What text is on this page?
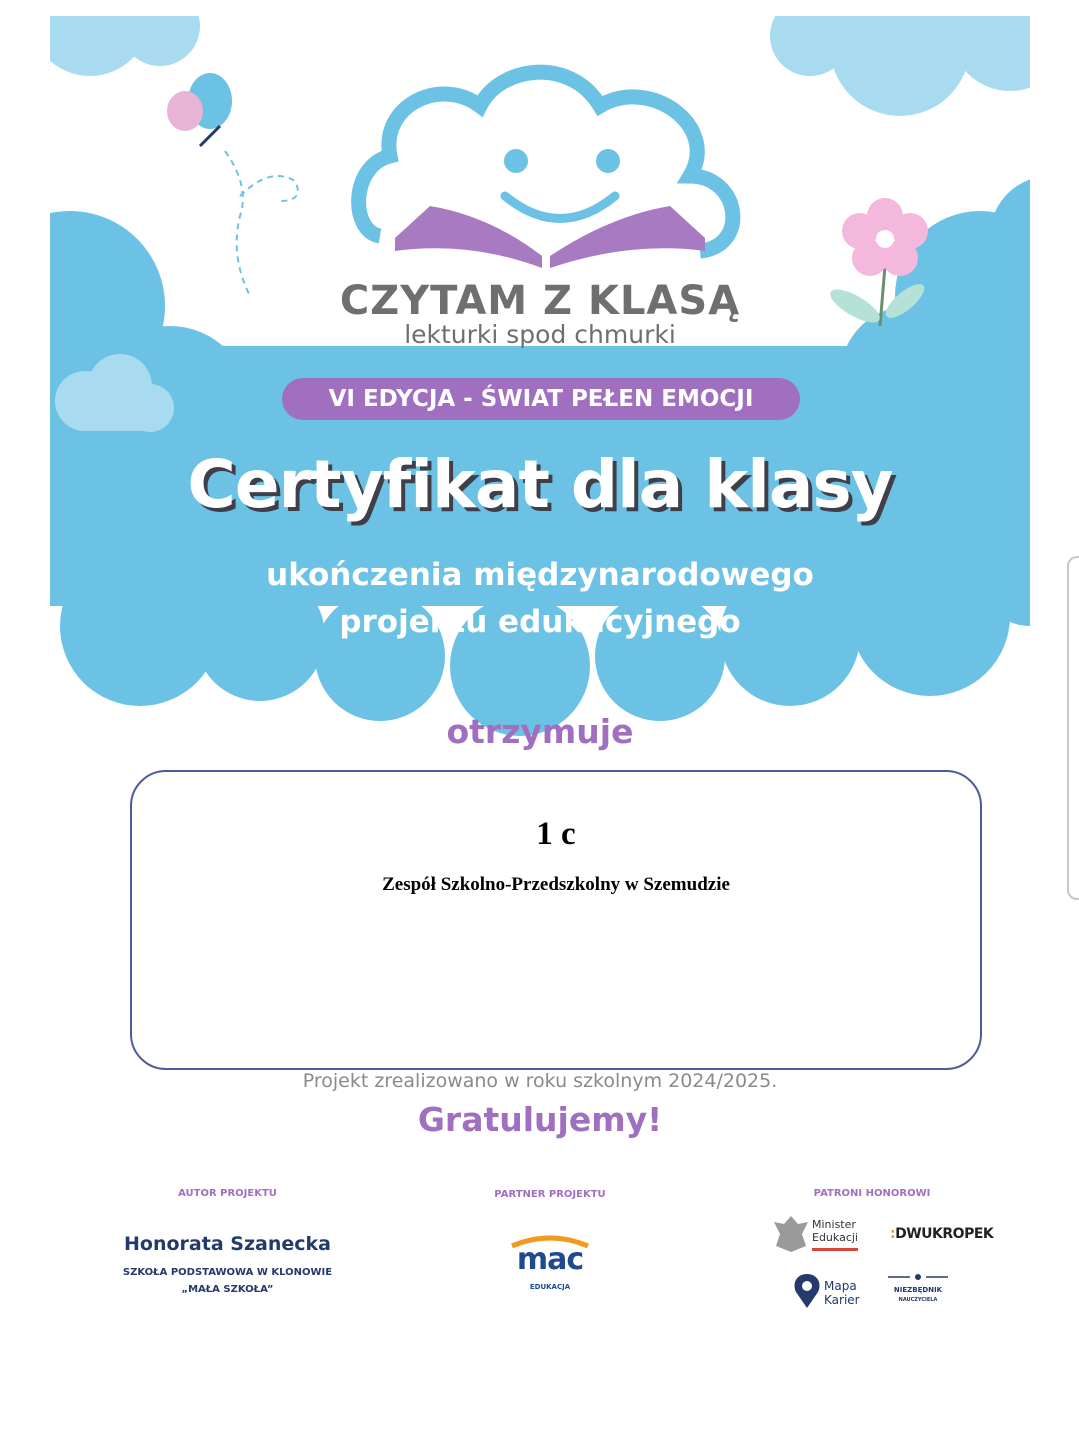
CZYTAM Z KLASĄ
lekturki spod chmurki
VI EDYCJA - ŚWIAT PEŁEN EMOCJI
Certyfikat dla klasy
ukończenia międzynarodowego
projektu edukacyjnego
otrzymuje
1 c
Zespół Szkolno-Przedszkolny w Szemudzie
Projekt zrealizowano w roku szkolnym 2024/2025.
Gratulujemy!
AUTOR PROJEKTU
Honorata Szanecka
SZKOŁA PODSTAWOWA W KLONOWIE
„MAŁA SZKOŁA”
PARTNER PROJEKTU
mac
EDUKACJA
PATRONI HONOROWI
Minister
Edukacji :DWUKROPEK
Mapa
Karier
NIEZBĘDNIK
NAUCZYCIELA
